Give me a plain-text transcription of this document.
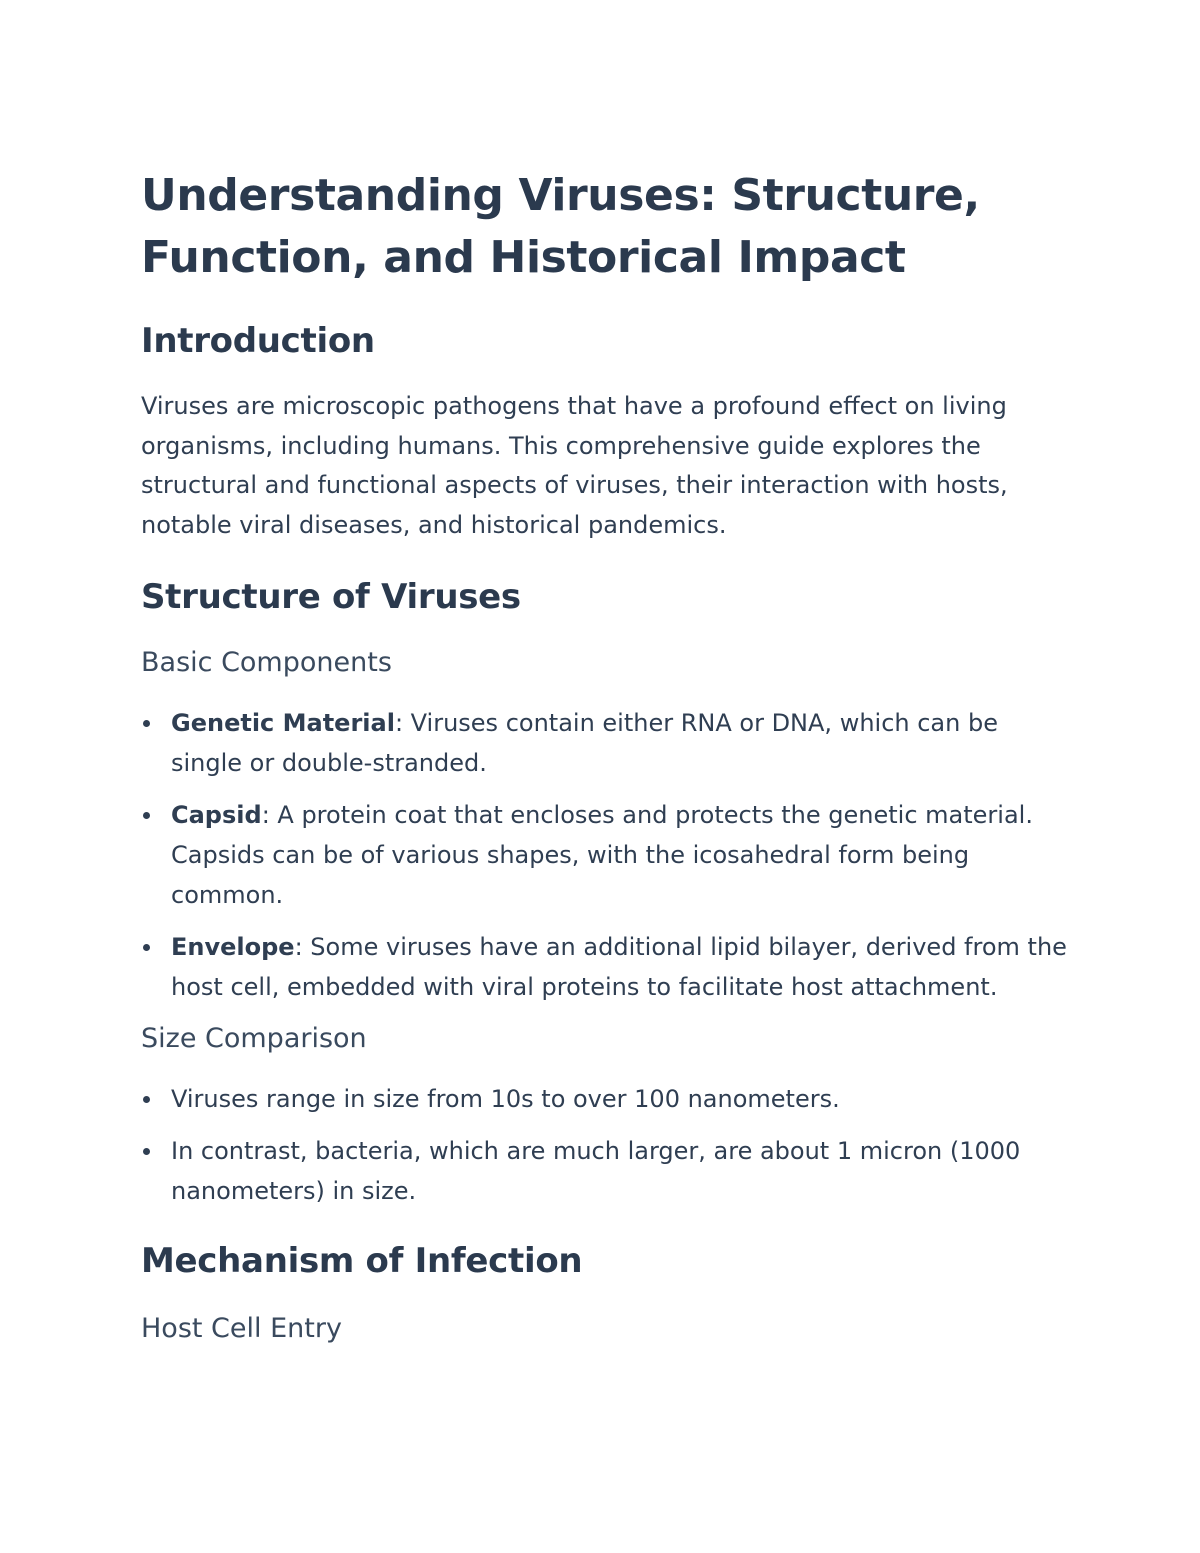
Understanding Viruses: Structure, Function, and Historical Impact
Introduction

Viruses are microscopic pathogens that have a profound effect on living organisms, including humans. This comprehensive guide explores the structural and functional aspects of viruses, their interaction with hosts, notable viral diseases, and historical pandemics.

Structure of Viruses
Basic Components
Genetic Material: Viruses contain either RNA or DNA, which can be single or double-stranded.
Capsid: A protein coat that encloses and protects the genetic material. Capsids can be of various shapes, with the icosahedral form being common.
Envelope: Some viruses have an additional lipid bilayer, derived from the host cell, embedded with viral proteins to facilitate host attachment.
Size Comparison
Viruses range in size from 10s to over 100 nanometers.
In contrast, bacteria, which are much larger, are about 1 micron (1000 nanometers) in size.
Mechanism of Infection
Host Cell Entry
